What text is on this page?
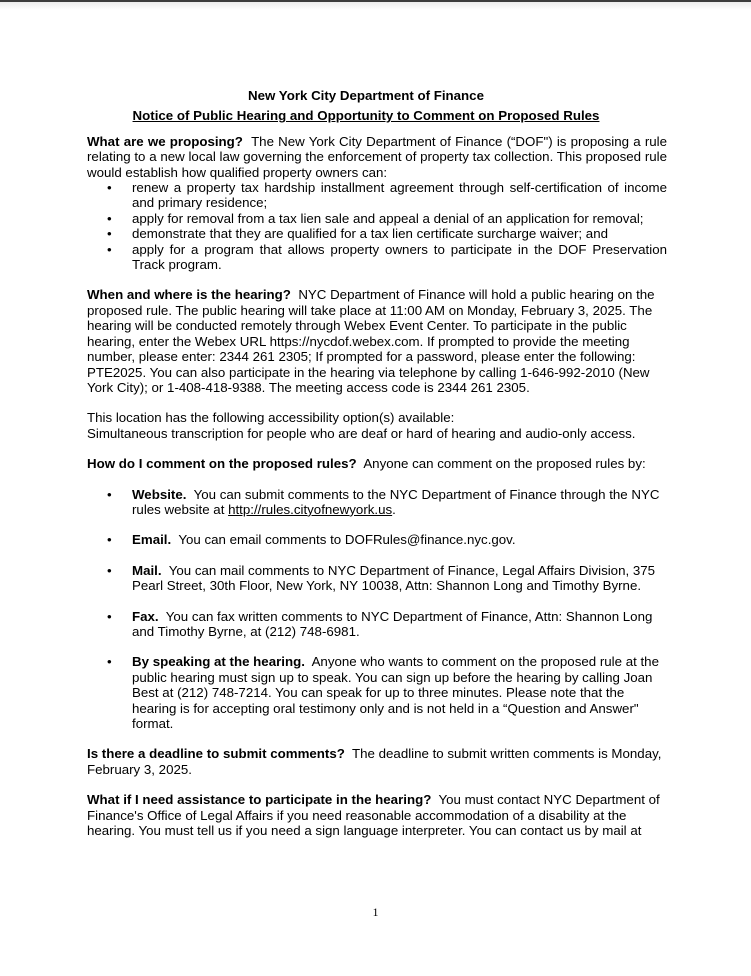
New York City Department of Finance

Notice of Public Hearing and Opportunity to Comment on Proposed Rules

What are we proposing? The New York City Department of Finance (“DOF") is proposing a rule relating to a new local law governing the enforcement of property tax collection. This proposed rule would establish how qualified property owners can:

• renew a property tax hardship installment agreement through self-certification of income and primary residence;
• apply for removal from a tax lien sale and appeal a denial of an application for removal;
• demonstrate that they are qualified for a tax lien certificate surcharge waiver; and
• apply for a program that allows property owners to participate in the DOF Preservation Track program.

When and where is the hearing? NYC Department of Finance will hold a public hearing on the proposed rule. The public hearing will take place at 11:00 AM on Monday, February 3, 2025. The hearing will be conducted remotely through Webex Event Center. To participate in the public hearing, enter the Webex URL https://nycdof.webex.com. If prompted to provide the meeting number, please enter: 2344 261 2305; If prompted for a password, please enter the following: PTE2025. You can also participate in the hearing via telephone by calling 1-646-992-2010 (New York City); or 1-408-418-9388. The meeting access code is 2344 261 2305.

This location has the following accessibility option(s) available:

Simultaneous transcription for people who are deaf or hard of hearing and audio-only access.

How do I comment on the proposed rules? Anyone can comment on the proposed rules by:

• Website. You can submit comments to the NYC Department of Finance through the NYC rules website at http://rules.cityofnewyork.us.
• Email. You can email comments to DOFRules@finance.nyc.gov.
• Mail. You can mail comments to NYC Department of Finance, Legal Affairs Division, 375 Pearl Street, 30th Floor, New York, NY 10038, Attn: Shannon Long and Timothy Byrne.
• Fax. You can fax written comments to NYC Department of Finance, Attn: Shannon Long and Timothy Byrne, at (212) 748-6981.
• By speaking at the hearing. Anyone who wants to comment on the proposed rule at the public hearing must sign up to speak. You can sign up before the hearing by calling Joan Best at (212) 748-7214. You can speak for up to three minutes. Please note that the hearing is for accepting oral testimony only and is not held in a “Question and Answer" format.

Is there a deadline to submit comments? The deadline to submit written comments is Monday, February 3, 2025.

What if I need assistance to participate in the hearing? You must contact NYC Department of Finance's Office of Legal Affairs if you need reasonable accommodation of a disability at the hearing. You must tell us if you need a sign language interpreter. You can contact us by mail at

1
